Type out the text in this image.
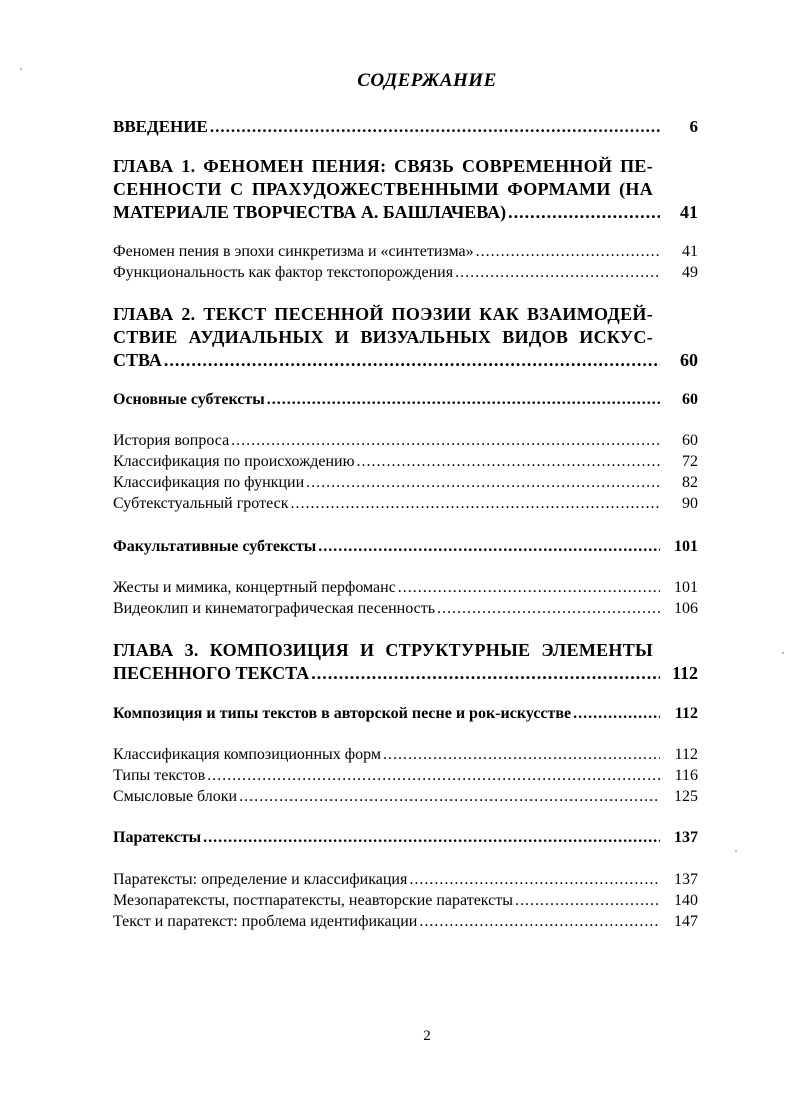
СОДЕРЖАНИЕ
ВВЕДЕНИЕ .....	6
ГЛАВА 1. ФЕНОМЕН ПЕНИЯ: СВЯЗЬ СОВРЕМЕННОЙ ПЕ-
СЕННОСТИ С ПРАХУДОЖЕСТВЕННЫМИ ФОРМАМИ (НА
МАТЕРИАЛЕ ТВОРЧЕСТВА А. БАШЛАЧЕВА) .....	41
Феномен пения в эпохи синкретизма и «синтетизма» .....	41
Функциональность как фактор текстопорождения .....	49
ГЛАВА 2. ТЕКСТ ПЕСЕННОЙ ПОЭЗИИ КАК ВЗАИМОДЕЙ-
СТВИЕ АУДИАЛЬНЫХ И ВИЗУАЛЬНЫХ ВИДОВ ИСКУС-
СТВА .....	60
Основные субтексты .....	60
История вопроса .....	60
Классификация по происхождению .....	72
Классификация по функции .....	82
Субтекстуальный гротеск .....	90
Факультативные субтексты .....	101
Жесты и мимика, концертный перфоманс .....	101
Видеоклип и кинематографическая песенность .....	106
ГЛАВА 3. КОМПОЗИЦИЯ И СТРУКТУРНЫЕ ЭЛЕМЕНТЫ
ПЕСЕННОГО ТЕКСТА .....	112
Композиция и типы текстов в авторской песне и рок-искусстве .....	112
Классификация композиционных форм .....	112
Типы текстов .....	116
Смысловые блоки .....	125
Паратексты .....	137
Паратексты: определение и классификация .....	137
Мезопаратексты, постпаратексты, неавторские паратексты .....	140
Текст и паратекст: проблема идентификации .....	147
2
